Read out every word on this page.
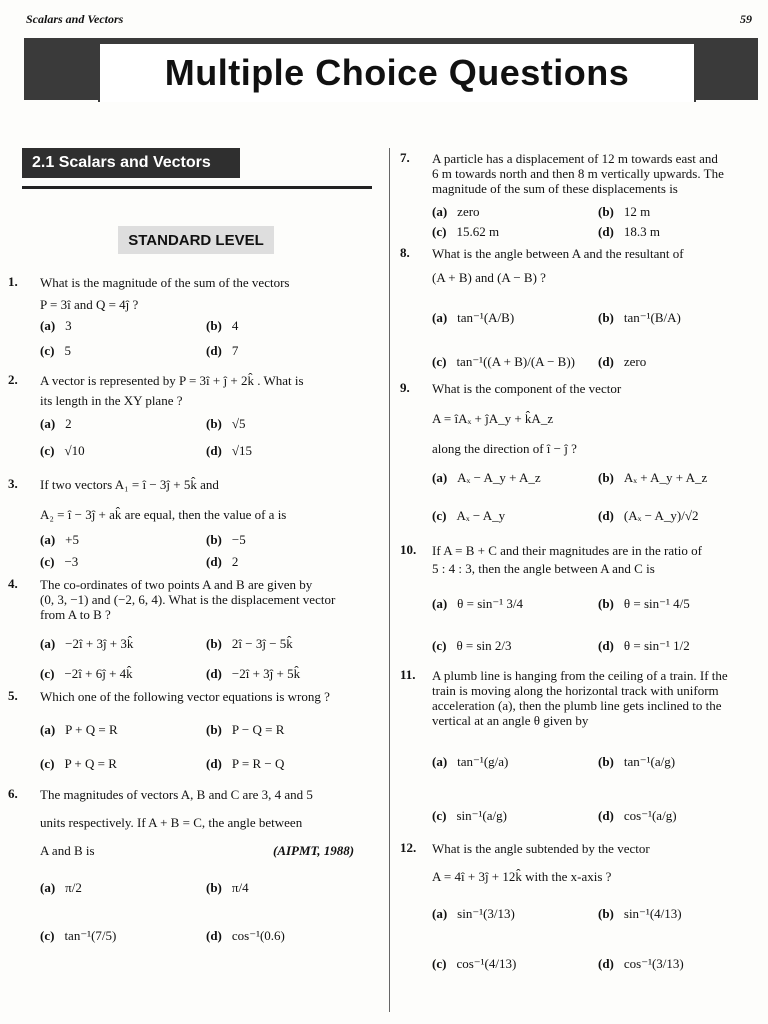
Scalars and Vectors	59
Multiple Choice Questions
2.1 Scalars and Vectors
STANDARD LEVEL
1. What is the magnitude of the sum of the vectors
P = 3î and Q = 4ĵ ?
(a) 3	(b) 4
(c) 5	(d) 7
2. A vector is represented by P = 3î + ĵ + 2k̂ . What is
its length in the XY plane ?
(a) 2	(b) √5
(c) √10	(d) √15
3. If two vectors A₁ = î − 3ĵ + 5k̂ and
A₂ = î − 3ĵ + ak̂ are equal, then the value of a is
(a) +5	(b) −5
(c) −3	(d) 2
4. The co-ordinates of two points A and B are given by
(0, 3, −1) and (−2, 6, 4). What is the displacement vector
from A to B ?
(a) −2î + 3ĵ + 3k̂	(b) 2î − 3ĵ − 5k̂
(c) −2î + 6ĵ + 4k̂	(d) −2î + 3ĵ + 5k̂
5. Which one of the following vector equations is wrong ?
(a) P + Q = R	(b) P − Q = R
(c) P + Q = R	(d) P = R − Q
6. The magnitudes of vectors A, B and C are 3, 4 and 5
units respectively. If A + B = C, the angle between
A and B is	(AIPMT, 1988)
(a) π/2	(b) π/4
(c) tan⁻¹(7/5)	(d) cos⁻¹(0.6)
7. A particle has a displacement of 12 m towards east and
6 m towards north and then 8 m vertically upwards. The
magnitude of the sum of these displacements is
(a) zero	(b) 12 m
(c) 15.62 m	(d) 18.3 m
8. What is the angle between A and the resultant of
(A + B) and (A − B) ?
(a) tan⁻¹(A/B)	(b) tan⁻¹(B/A)
(c) tan⁻¹((A + B)/(A − B)) (d) zero
9. What is the component of the vector
A = îAₓ + ĵA_y + k̂A_z
along the direction of î − ĵ ?
(a) Aₓ − A_y + A_z	(b) Aₓ + A_y + A_z
(c) Aₓ − A_y	(d) (Aₓ − A_y)/√2
10. If A = B + C and their magnitudes are in the ratio of
5 : 4 : 3, then the angle between A and C is
(a) θ = sin⁻¹ 3/4	(b) θ = sin⁻¹ 4/5
(c) θ = sin 2/3	(d) θ = sin⁻¹ 1/2
11. A plumb line is hanging from the ceiling of a train. If the
train is moving along the horizontal track with uniform
acceleration (a), then the plumb line gets inclined to the
vertical at an angle θ given by
(a) tan⁻¹(g/a)	(b) tan⁻¹(a/g)
(c) sin⁻¹(a/g)	(d) cos⁻¹(a/g)
12. What is the angle subtended by the vector
A = 4î + 3ĵ + 12k̂ with the x-axis ?
(a) sin⁻¹(3/13)	(b) sin⁻¹(4/13)
(c) cos⁻¹(4/13)	(d) cos⁻¹(3/13)
